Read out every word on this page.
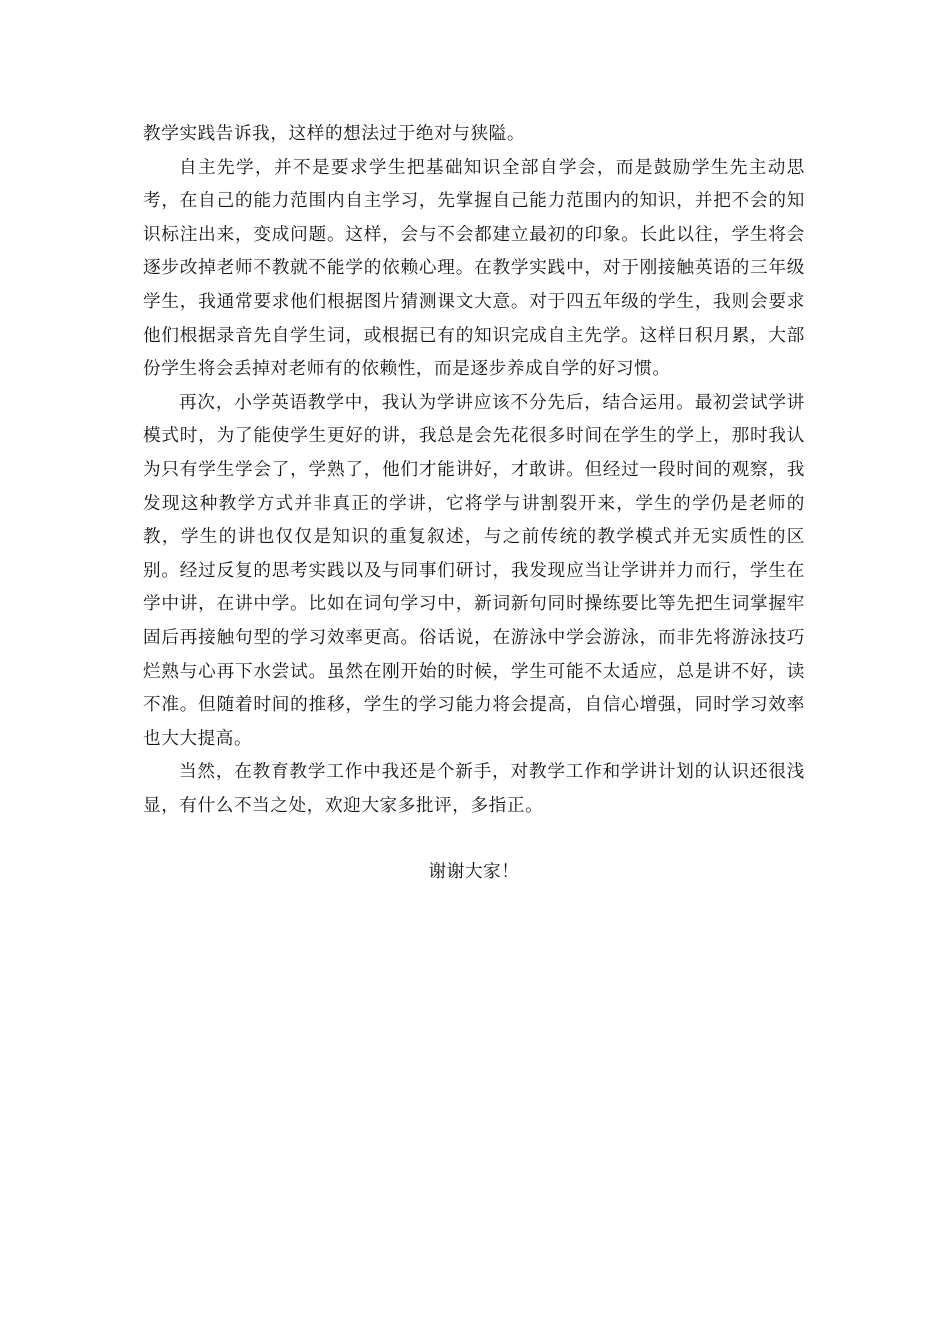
教学实践告诉我，这样的想法过于绝对与狭隘。

自主先学，并不是要求学生把基础知识全部自学会，而是鼓励学生先主动思考，在自己的能力范围内自主学习，先掌握自己能力范围内的知识，并把不会的知识标注出来，变成问题。这样，会与不会都建立最初的印象。长此以往，学生将会逐步改掉老师不教就不能学的依赖心理。在教学实践中，对于刚接触英语的三年级学生，我通常要求他们根据图片猜测课文大意。对于四五年级的学生，我则会要求他们根据录音先自学生词，或根据已有的知识完成自主先学。这样日积月累，大部份学生将会丢掉对老师有的依赖性，而是逐步养成自学的好习惯。

再次，小学英语教学中，我认为学讲应该不分先后，结合运用。最初尝试学讲模式时，为了能使学生更好的讲，我总是会先花很多时间在学生的学上，那时我认为只有学生学会了，学熟了，他们才能讲好，才敢讲。但经过一段时间的观察，我发现这种教学方式并非真正的学讲，它将学与讲割裂开来，学生的学仍是老师的教，学生的讲也仅仅是知识的重复叙述，与之前传统的教学模式并无实质性的区别。经过反复的思考实践以及与同事们研讨，我发现应当让学讲并力而行，学生在学中讲，在讲中学。比如在词句学习中，新词新句同时操练要比等先把生词掌握牢固后再接触句型的学习效率更高。俗话说，在游泳中学会游泳，而非先将游泳技巧烂熟与心再下水尝试。虽然在刚开始的时候，学生可能不太适应，总是讲不好，读不准。但随着时间的推移，学生的学习能力将会提高，自信心增强，同时学习效率也大大提高。

当然，在教育教学工作中我还是个新手，对教学工作和学讲计划的认识还很浅显，有什么不当之处，欢迎大家多批评，多指正。

谢谢大家！
